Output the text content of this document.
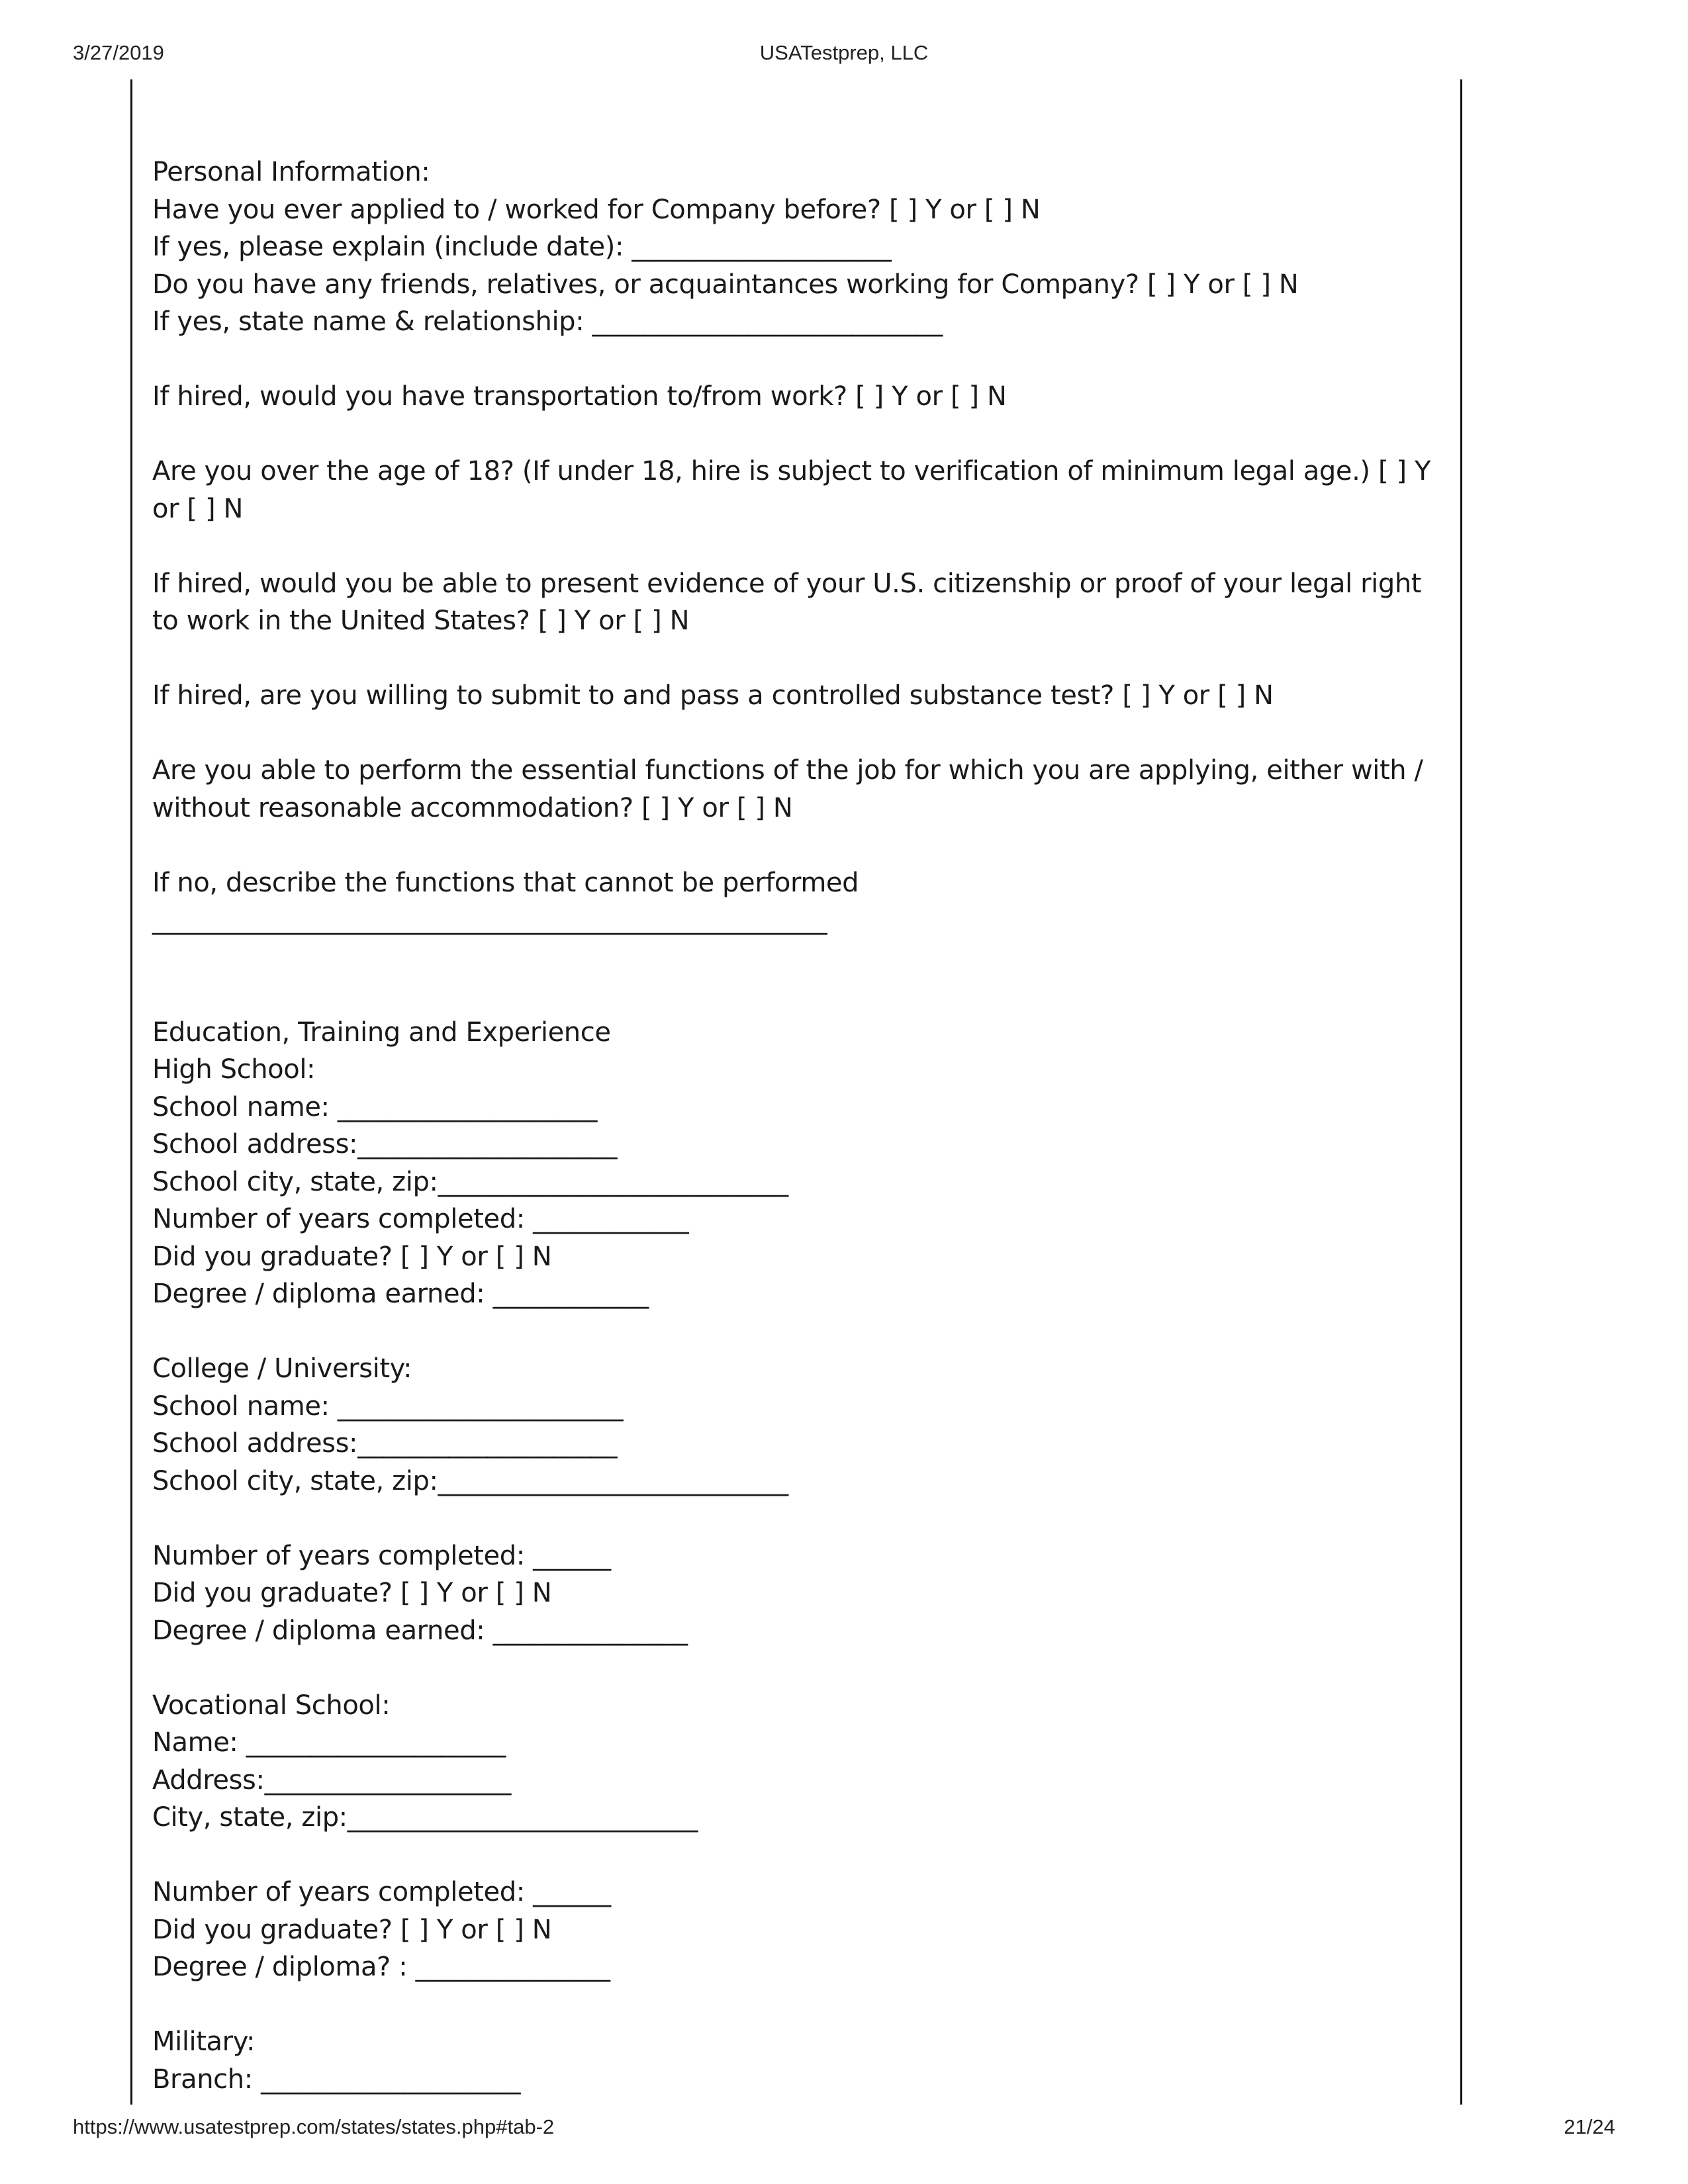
3/27/2019	USATestprep, LLC
Personal Information:
Have you ever applied to / worked for Company before? [ ] Y or [ ] N
If yes, please explain (include date): ____________________
Do you have any friends, relatives, or acquaintances working for Company? [ ] Y or [ ] N
If yes, state name & relationship: ___________________________
If hired, would you have transportation to/from work? [ ] Y or [ ] N
Are you over the age of 18? (If under 18, hire is subject to verification of minimum legal age.) [ ] Y or [ ] N
If hired, would you be able to present evidence of your U.S. citizenship or proof of your legal right to work in the United States? [ ] Y or [ ] N
If hired, are you willing to submit to and pass a controlled substance test? [ ] Y or [ ] N
Are you able to perform the essential functions of the job for which you are applying, either with / without reasonable accommodation? [ ] Y or [ ] N
If no, describe the functions that cannot be performed
____________________________________________________
Education, Training and Experience
High School:
School name: ____________________
School address:____________________
School city, state, zip:___________________________
Number of years completed: ____________
Did you graduate? [ ] Y or [ ] N
Degree / diploma earned: ____________
College / University:
School name: ______________________
School address:____________________
School city, state, zip:___________________________
Number of years completed: ______
Did you graduate? [ ] Y or [ ] N
Degree / diploma earned: _______________
Vocational School:
Name: ____________________
Address:___________________
City, state, zip:___________________________
Number of years completed: ______
Did you graduate? [ ] Y or [ ] N
Degree / diploma? : _______________
Military:
Branch: ____________________
https://www.usatestprep.com/states/states.php#tab-2	21/24
